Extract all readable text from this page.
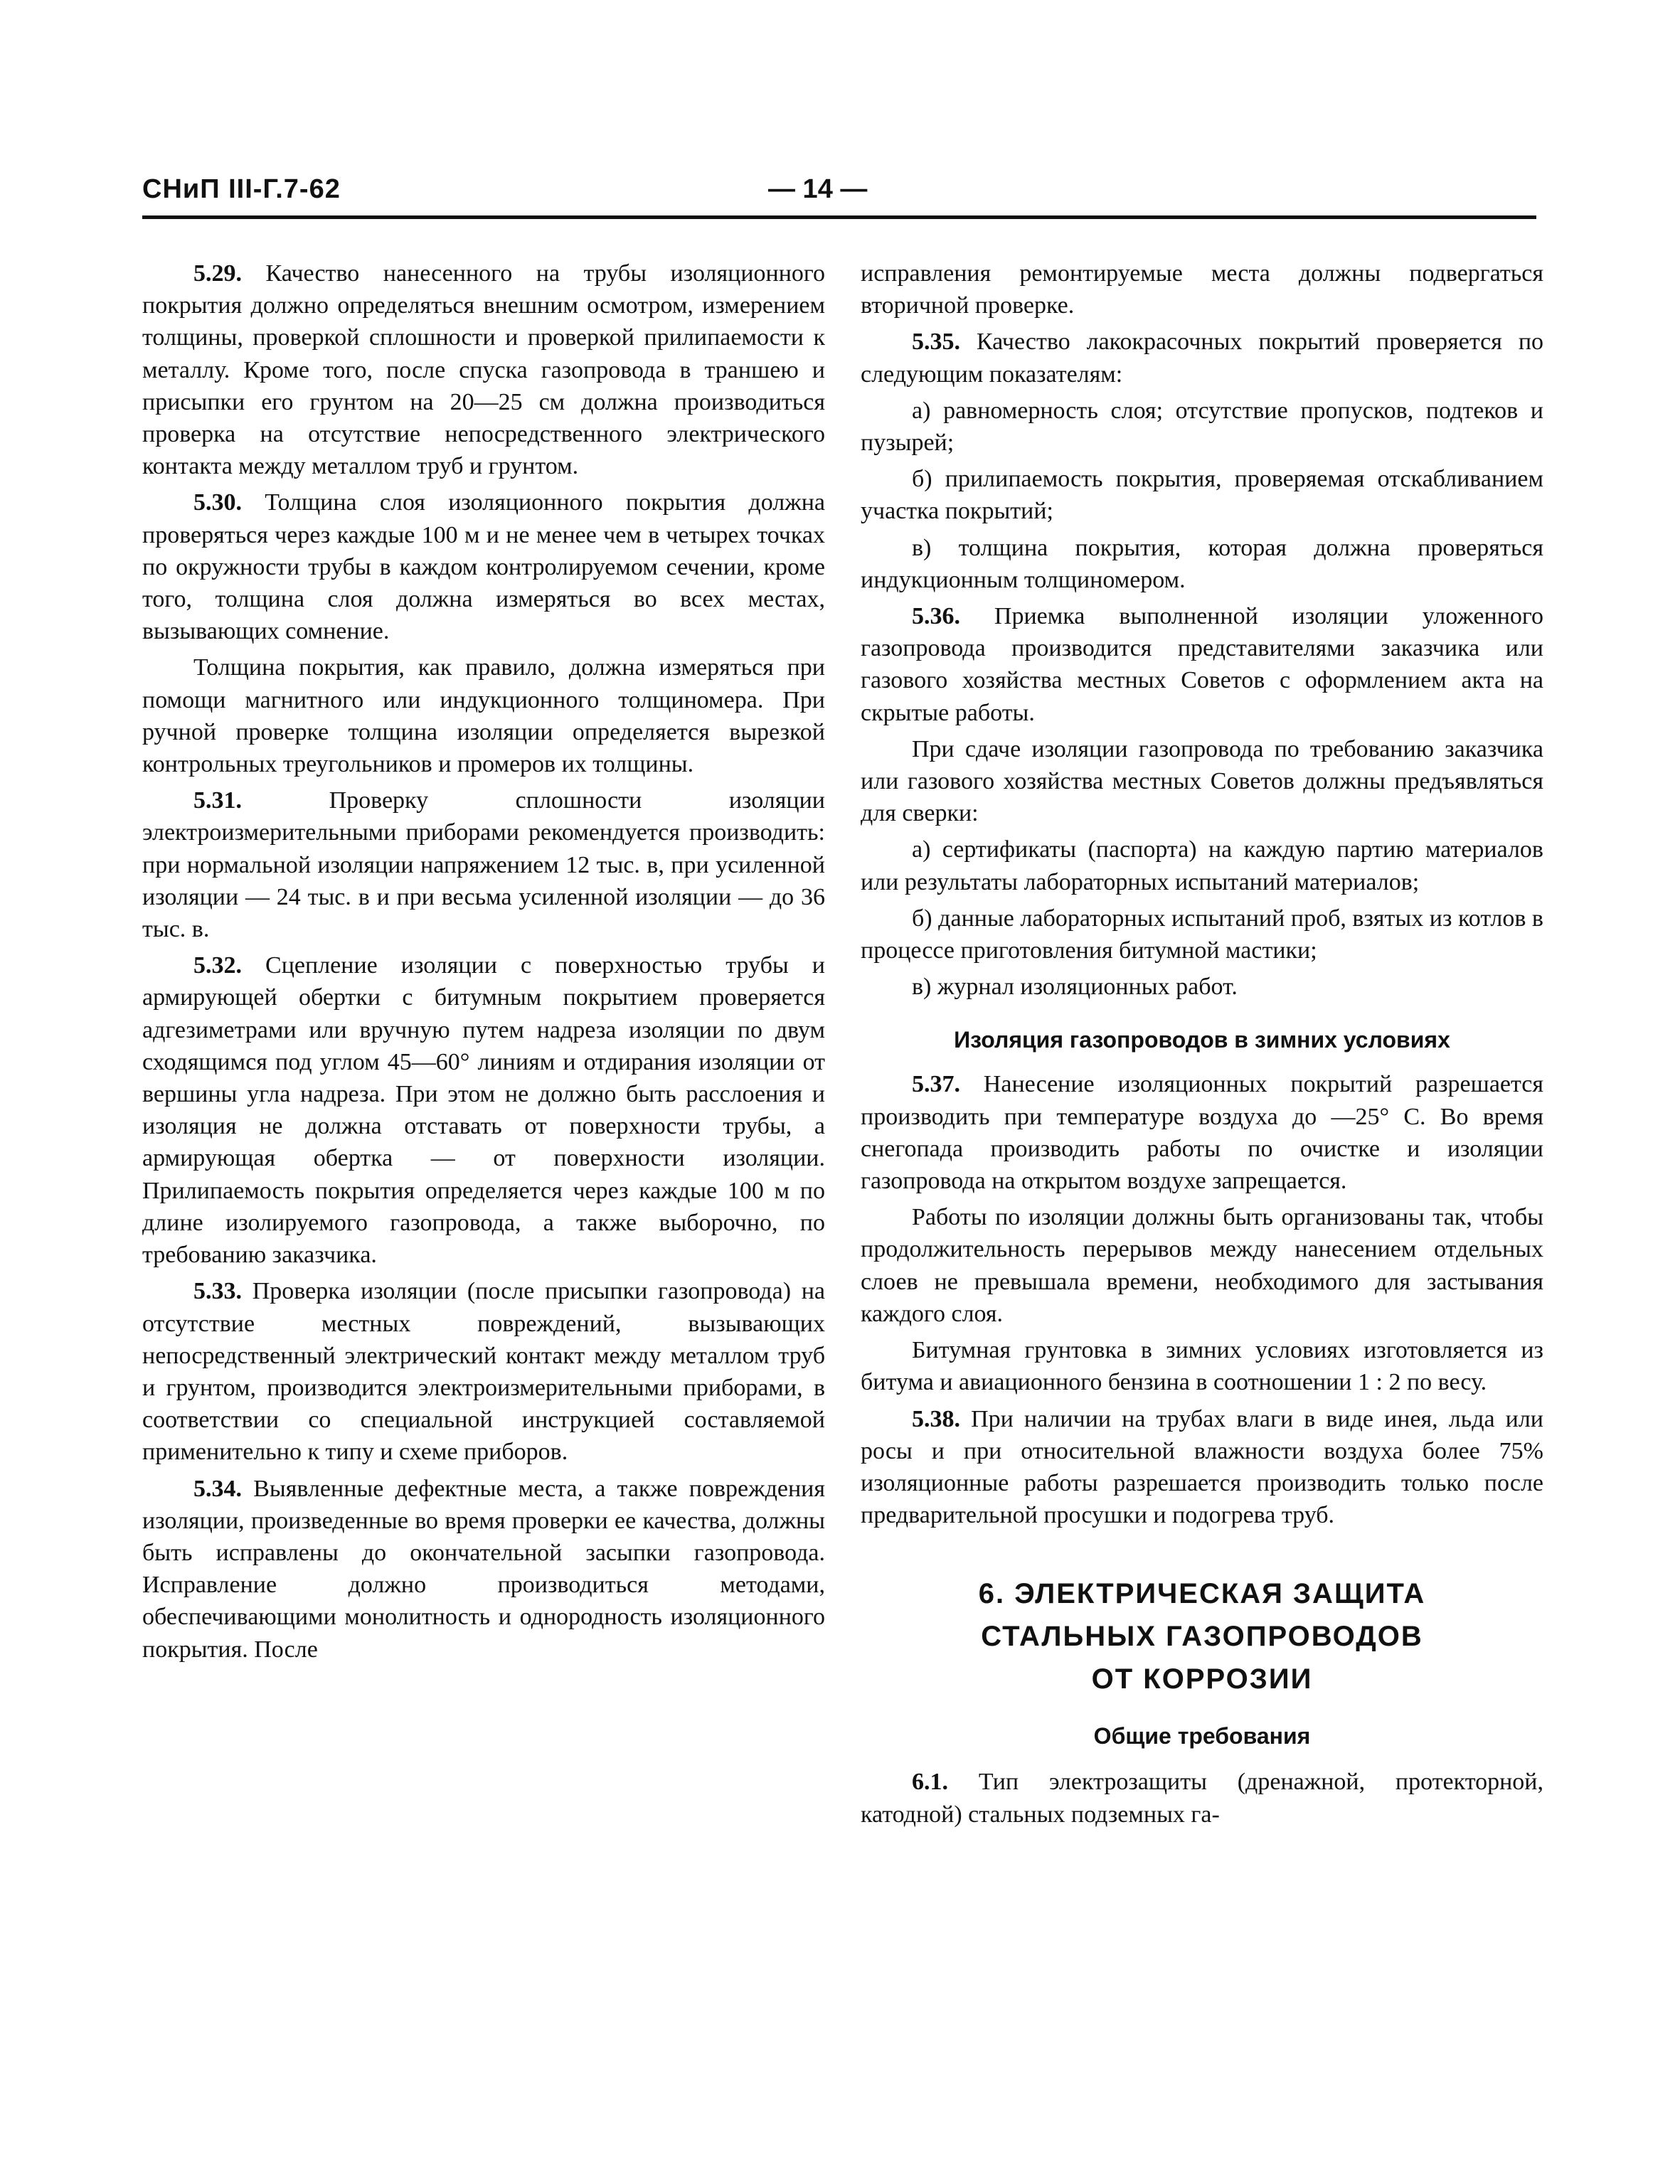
СНиП III-Г.7-62	— 14 —

5.29. Качество нанесенного на трубы изоляционного покрытия должно определяться внешним осмотром, измерением толщины, проверкой сплошности и проверкой прилипаемости к металлу. Кроме того, после спуска газопровода в траншею и присыпки его грунтом на 20—25 см должна производиться проверка на отсутствие непосредственного электрического контакта между металлом труб и грунтом.

5.30. Толщина слоя изоляционного покрытия должна проверяться через каждые 100 м и не менее чем в четырех точках по окружности трубы в каждом контролируемом сечении, кроме того, толщина слоя должна измеряться во всех местах, вызывающих сомнение.

Толщина покрытия, как правило, должна измеряться при помощи магнитного или индукционного толщиномера. При ручной проверке толщина изоляции определяется вырезкой контрольных треугольников и промеров их толщины.

5.31.	Проверку сплошности изоляции электроизмерительными приборами рекомендуется производить: при нормальной изоляции напряжением 12 тыс. в, при усиленной изоляции — 24 тыс. в и при весьма усиленной изоляции — до 36 тыс. в.

5.32. Сцепление изоляции с поверхностью трубы и армирующей обертки с битумным покрытием проверяется адгезиметрами или вручную путем надреза изоляции по двум сходящимся под углом 45—60° линиям и отдирания изоляции от вершины угла надреза. При этом не должно быть расслоения и изоляция не должна отставать от поверхности трубы, а армирующая обертка — от поверхности изоляции. Прилипаемость покрытия определяется через каждые 100 м по длине изолируемого газопровода, а также выборочно, по требованию заказчика.

5.33. Проверка изоляции (после присыпки газопровода) на отсутствие местных повреждений, вызывающих непосредственный электрический контакт между металлом труб и грунтом, производится электроизмерительными приборами, в соответствии со специальной инструкцией составляемой применительно к типу и схеме приборов.

5.34. Выявленные дефектные места, а также повреждения изоляции, произведенные во время проверки ее качества, должны быть исправлены до окончательной засыпки газопровода. Исправление должно производиться методами, обеспечивающими монолитность и однородность изоляционного покрытия. После

исправления ремонтируемые места должны подвергаться вторичной проверке.

5.35. Качество лакокрасочных покрытий проверяется по следующим показателям:

а) равномерность слоя; отсутствие пропусков, подтеков и пузырей;

б) прилипаемость покрытия, проверяемая отскабливанием участка покрытий;

в) толщина покрытия, которая должна проверяться индукционным толщиномером.

5.36. Приемка выполненной изоляции уложенного газопровода производится представителями заказчика или газового хозяйства местных Советов с оформлением акта на скрытые работы.

При сдаче изоляции газопровода по требованию заказчика или газового хозяйства местных Советов должны предъявляться для сверки:

а) сертификаты (паспорта) на каждую партию материалов или результаты лабораторных испытаний материалов;

б) данные лабораторных испытаний проб, взятых из котлов в процессе приготовления битумной мастики;

в) журнал изоляционных работ.

Изоляция газопроводов в зимних условиях

5.37. Нанесение изоляционных покрытий разрешается производить при температуре воздуха до —25° С. Во время снегопада производить работы по очистке и изоляции газопровода на открытом воздухе запрещается.

Работы по изоляции должны быть организованы так, чтобы продолжительность перерывов между нанесением отдельных слоев не превышала времени, необходимого для застывания каждого слоя.

Битумная грунтовка в зимних условиях изготовляется из битума и авиационного бензина в соотношении 1 : 2 по весу.

5.38. При наличии на трубах влаги в виде инея, льда или росы и при относительной влажности воздуха более 75% изоляционные работы разрешается производить только после предварительной просушки и подогрева труб.

6. ЭЛЕКТРИЧЕСКАЯ ЗАЩИТА
СТАЛЬНЫХ ГАЗОПРОВОДОВ
ОТ КОРРОЗИИ
Общие требования

6.1. Тип электрозащиты (дренажной, протекторной, катодной) стальных подземных га-
